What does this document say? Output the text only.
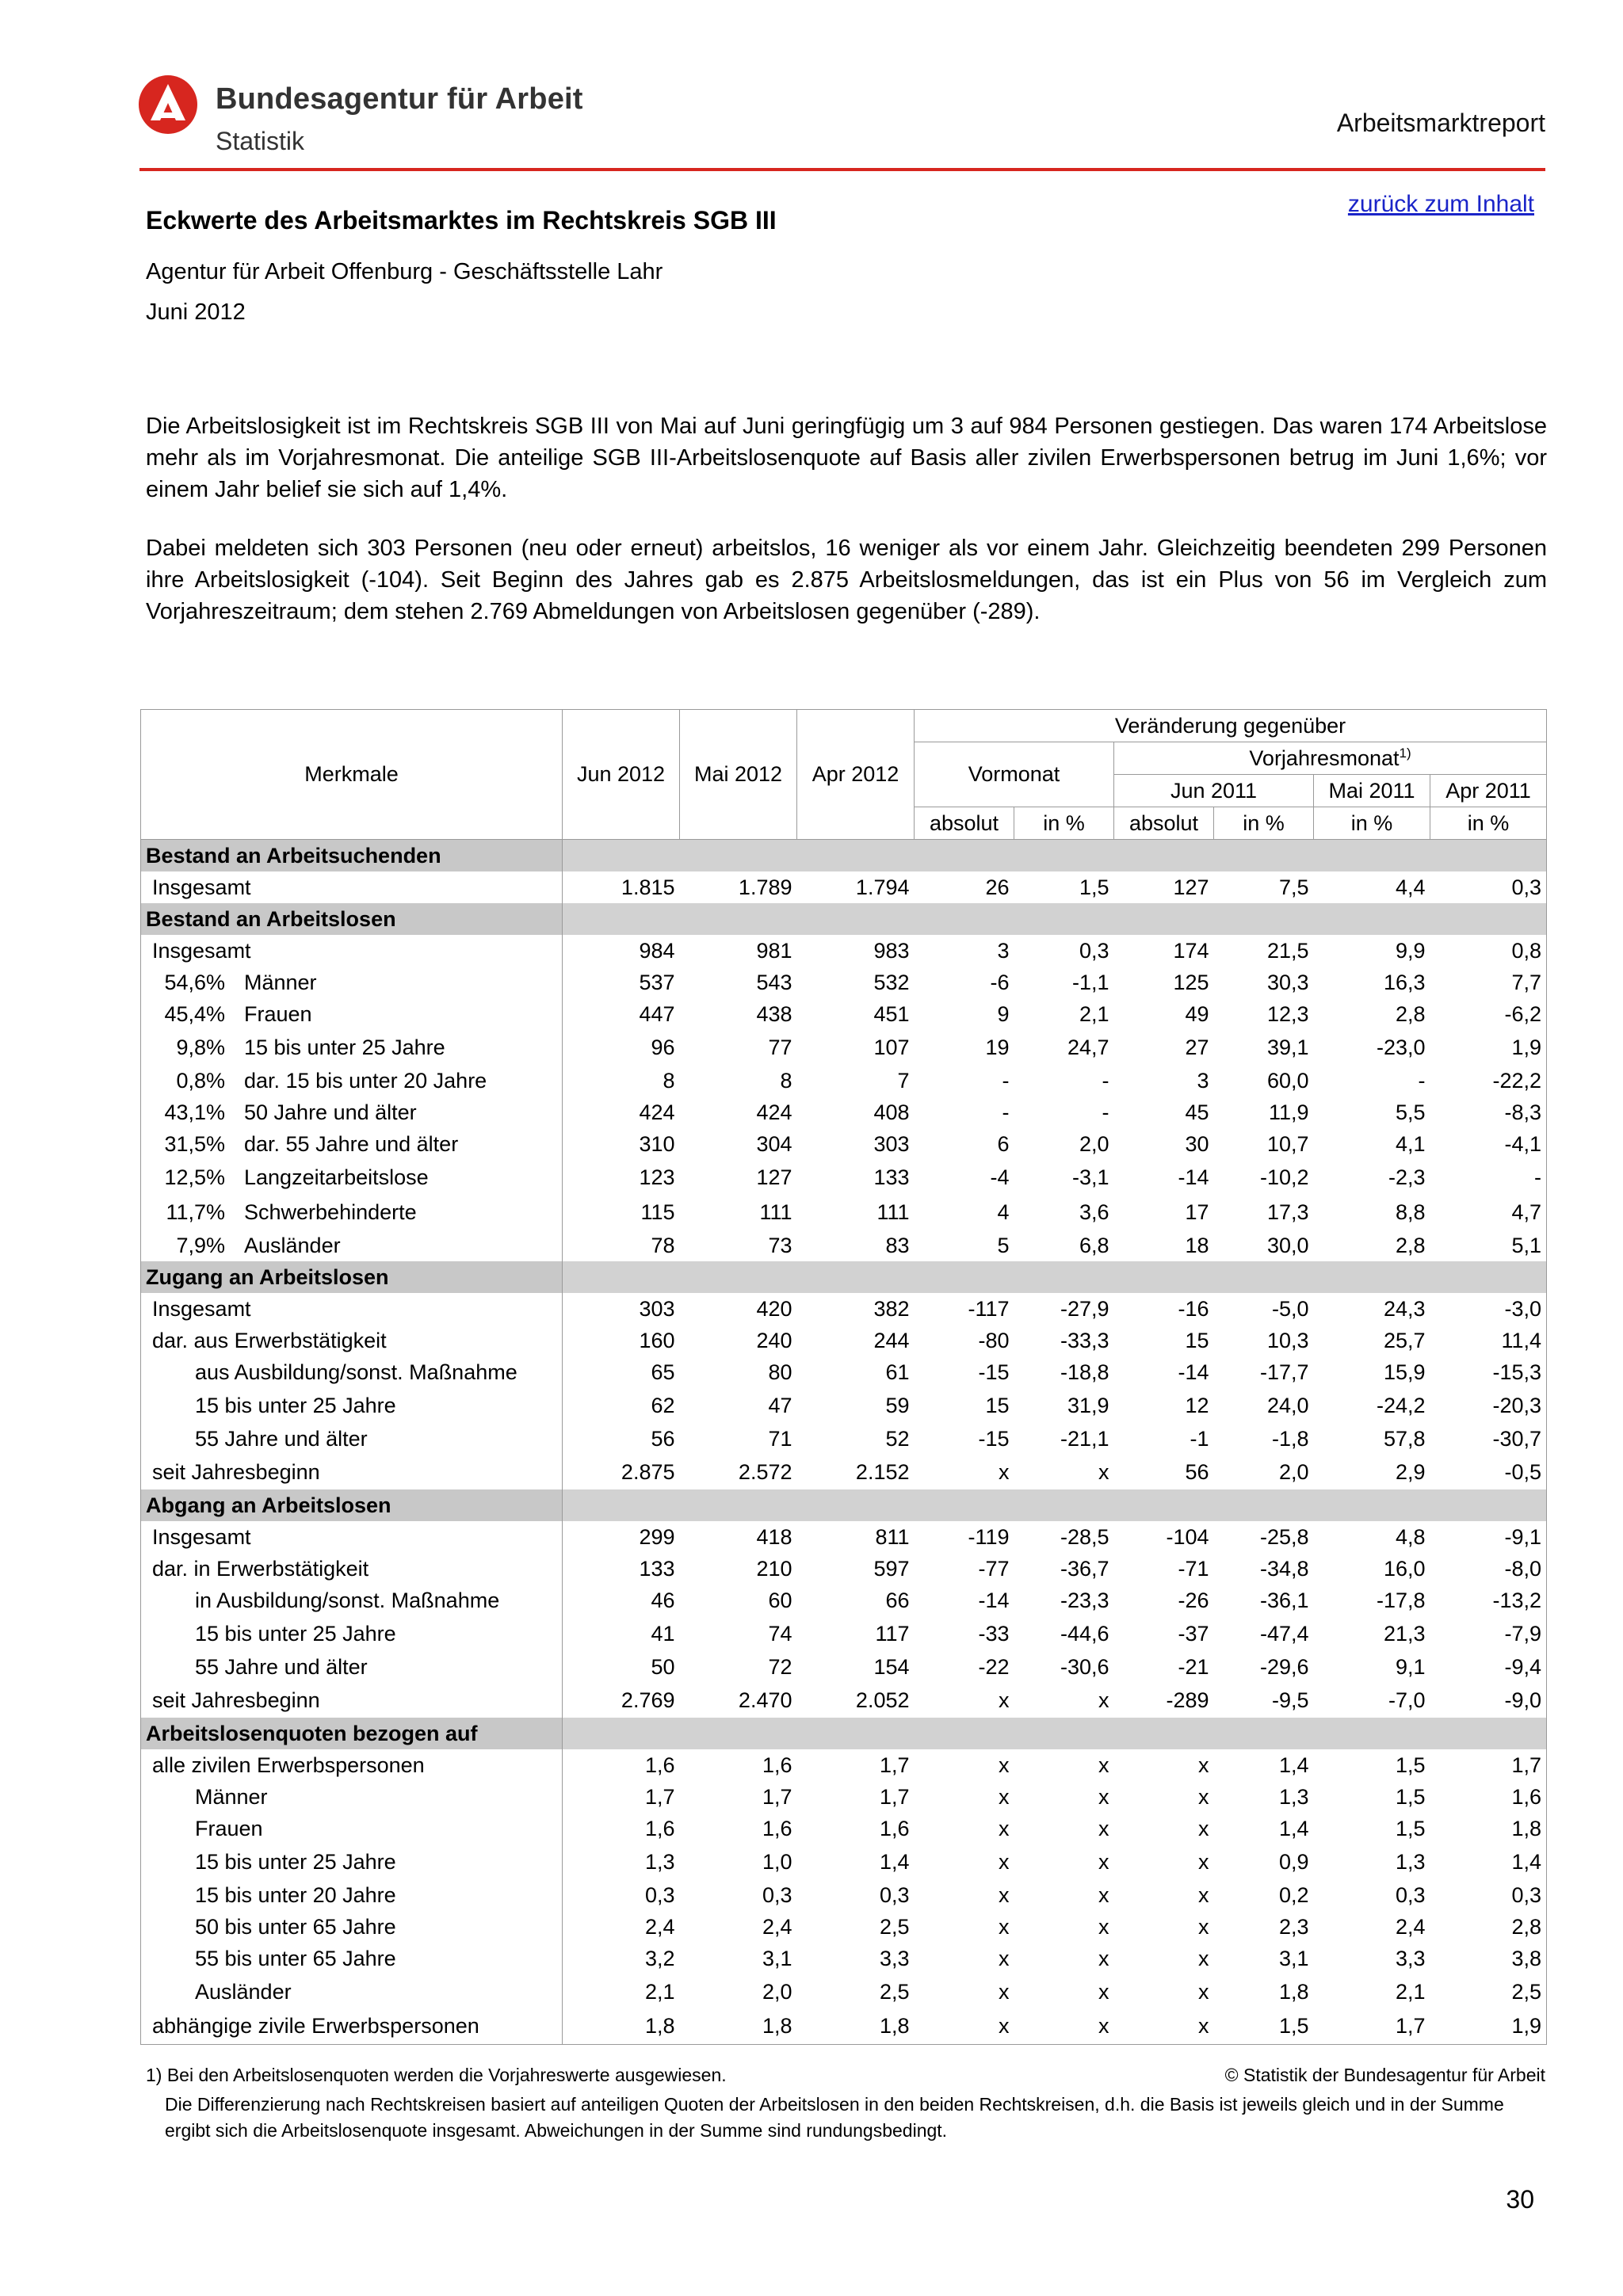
Bundesagentur für Arbeit
Statistik
Arbeitsmarktreport
zurück zum Inhalt
Eckwerte des Arbeitsmarktes im Rechtskreis SGB III
Agentur für Arbeit Offenburg - Geschäftsstelle Lahr
Juni 2012
Die Arbeitslosigkeit ist im Rechtskreis SGB III von Mai auf Juni geringfügig um 3 auf 984 Personen gestiegen. Das waren 174 Arbeitslose mehr als im Vorjahresmonat. Die anteilige SGB III-Arbeitslosenquote auf Basis aller zivilen Erwerbspersonen betrug im Juni 1,6%; vor einem Jahr belief sie sich auf 1,4%.
Dabei meldeten sich 303 Personen (neu oder erneut) arbeitslos, 16 weniger als vor einem Jahr. Gleichzeitig beendeten 299 Personen ihre Arbeitslosigkeit (-104). Seit Beginn des Jahres gab es 2.875 Arbeitslosmeldungen, das ist ein Plus von 56 im Vergleich zum Vorjahreszeitraum; dem stehen 2.769 Abmeldungen von Arbeitslosen gegenüber (-289).
Merkmale	Jun 2012	Mai 2012	Apr 2012	Veränderung gegenüber					
				Vormonat		Vorjahresmonat$^{1)}$
						Jun 2011		Mai 2011	Apr 2011
				absolut	in %	absolut	in %	in %	in %
Bestand an Arbeitsuchenden									
Insgesamt	1.815	1.789	1.794	26	1,5	127	7,5	4,4	0,3
Bestand an Arbeitslosen									
Insgesamt	984	981	983	3	0,3	174	21,5	9,9	0,8
54,6% Männer	537	543	532	-6	-1,1	125	30,3	16,3	7,7
45,4% Frauen	447	438	451	9	2,1	49	12,3	2,8	-6,2
9,8% 15 bis unter 25 Jahre	96	77	107	19	24,7	27	39,1	-23,0	1,9
0,8% dar. 15 bis unter 20 Jahre	8	8	7	-	-	3	60,0	-	-22,2
43,1% 50 Jahre und älter	424	424	408	-	-	45	11,9	5,5	-8,3
31,5% dar. 55 Jahre und älter	310	304	303	6	2,0	30	10,7	4,1	-4,1
12,5% Langzeitarbeitslose	123	127	133	-4	-3,1	-14	-10,2	-2,3	-
11,7% Schwerbehinderte	115	111	111	4	3,6	17	17,3	8,8	4,7
7,9% Ausländer	78	73	83	5	6,8	18	30,0	2,8	5,1
Zugang an Arbeitslosen									
Insgesamt	303	420	382	-117	-27,9	-16	-5,0	24,3	-3,0
dar. aus Erwerbstätigkeit	160	240	244	-80	-33,3	15	10,3	25,7	11,4
aus Ausbildung/sonst. Maßnahme	65	80	61	-15	-18,8	-14	-17,7	15,9	-15,3
15 bis unter 25 Jahre	62	47	59	15	31,9	12	24,0	-24,2	-20,3
55 Jahre und älter	56	71	52	-15	-21,1	-1	-1,8	57,8	-30,7
seit Jahresbeginn	2.875	2.572	2.152	x	x	56	2,0	2,9	-0,5
Abgang an Arbeitslosen									
Insgesamt	299	418	811	-119	-28,5	-104	-25,8	4,8	-9,1
dar. in Erwerbstätigkeit	133	210	597	-77	-36,7	-71	-34,8	16,0	-8,0
in Ausbildung/sonst. Maßnahme	46	60	66	-14	-23,3	-26	-36,1	-17,8	-13,2
15 bis unter 25 Jahre	41	74	117	-33	-44,6	-37	-47,4	21,3	-7,9
55 Jahre und älter	50	72	154	-22	-30,6	-21	-29,6	9,1	-9,4
seit Jahresbeginn	2.769	2.470	2.052	x	x	-289	-9,5	-7,0	-9,0
Arbeitslosenquoten bezogen auf									
alle zivilen Erwerbspersonen	1,6	1,6	1,7	x	x	x	1,4	1,5	1,7
Männer	1,7	1,7	1,7	x	x	x	1,3	1,5	1,6
Frauen	1,6	1,6	1,6	x	x	x	1,4	1,5	1,8
15 bis unter 25 Jahre	1,3	1,0	1,4	x	x	x	0,9	1,3	1,4
15 bis unter 20 Jahre	0,3	0,3	0,3	x	x	x	0,2	0,3	0,3
50 bis unter 65 Jahre	2,4	2,4	2,5	x	x	x	2,3	2,4	2,8
55 bis unter 65 Jahre	3,2	3,1	3,3	x	x	x	3,1	3,3	3,8
Ausländer	2,1	2,0	2,5	x	x	x	1,8	2,1	2,5
abhängige zivile Erwerbspersonen	1,8	1,8	1,8	x	x	x	1,5	1,7	1,9
1) Bei den Arbeitslosenquoten werden die Vorjahreswerte ausgewiesen.	© Statistik der Bundesagentur für Arbeit
Die Differenzierung nach Rechtskreisen basiert auf anteiligen Quoten der Arbeitslosen in den beiden Rechtskreisen, d.h. die Basis ist jeweils gleich und in der Summe ergibt sich die Arbeitslosenquote insgesamt. Abweichungen in der Summe sind rundungsbedingt.
30
